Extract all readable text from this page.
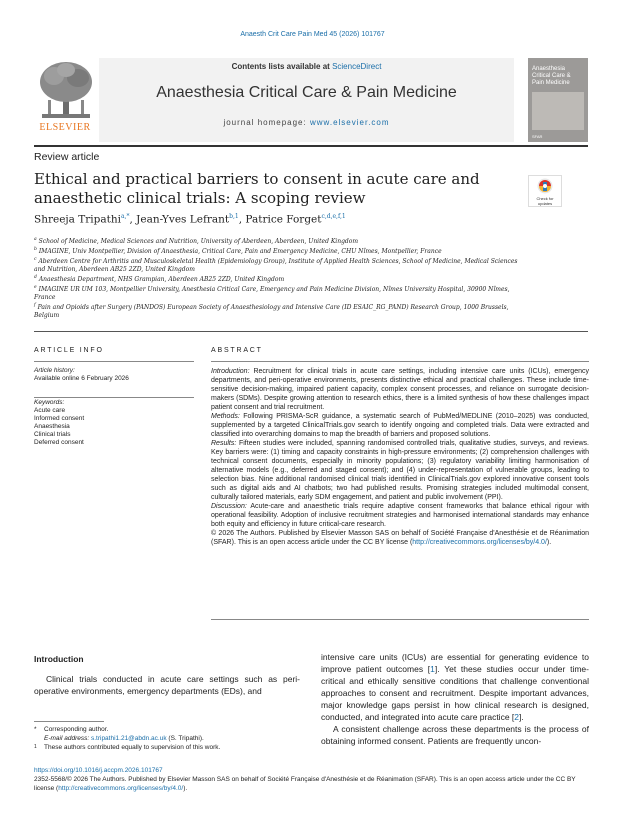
Anaesth Crit Care Pain Med 45 (2026) 101767
ELSEVIER
Contents lists available at ScienceDirect
Anaesthesia Critical Care & Pain Medicine
journal homepage: www.elsevier.com
Anaesthesia Critical Care & Pain Medicine
SFAR
Review article
Ethical and practical barriers to consent in acute care and anaesthetic clinical trials: A scoping review	Check for updates
Shreeja Tripathi$^{a,*}$, Jean-Yves Lefrant$^{b,1}$, Patrice Forget$^{c,d,e,f,1}$

$^a$ School of Medicine, Medical Sciences and Nutrition, University of Aberdeen, Aberdeen, United Kingdom

$^b$ IMAGINE, Univ Montpellier, Division of Anaesthesia, Critical Care, Pain and Emergency Medicine, CHU Nîmes, Montpellier, France

$^c$ Aberdeen Centre for Arthritis and Musculoskeletal Health (Epidemiology Group), Institute of Applied Health Sciences, School of Medicine, Medical Sciences and Nutrition, Aberdeen AB25 2ZD, United Kingdom

$^d$ Anaesthesia Department, NHS Grampian, Aberdeen AB25 2ZD, United Kingdom

$^e$ IMAGINE UR UM 103, Montpellier University, Anesthesia Critical Care, Emergency and Pain Medicine Division, Nîmes University Hospital, 30900 Nîmes, France

$^f$ Pain and Opioids after Surgery (PANDOS) European Society of Anaesthesiology and Intensive Care (ID ESAIC_RG_PAND) Research Group, 1000 Brussels, Belgium

ARTICLE INFO
Article history:
Available online 6 February 2026
Keywords:
Acute care
Informed consent
Anaesthesia
Clinical trials
Deferred consent
ABSTRACT

Introduction: Recruitment for clinical trials in acute care settings, including intensive care units (ICUs), emergency departments, and peri-operative environments, presents distinctive ethical and practical challenges. These include time-sensitive decision-making, impaired patient capacity, complex consent processes, and reliance on surrogate decision-makers (SDMs). Despite growing attention to research ethics, there is a limited synthesis of how these challenges impact patient consent and trial recruitment.

Methods: Following PRISMA-ScR guidance, a systematic search of PubMed/MEDLINE (2010–2025) was conducted, supplemented by a targeted ClinicalTrials.gov search to identify ongoing and completed trials. Data were extracted and classified into overarching domains to map the breadth of barriers and proposed solutions.

Results: Fifteen studies were included, spanning randomised controlled trials, qualitative studies, surveys, and reviews. Key barriers were: (1) timing and capacity constraints in high-pressure environments; (2) comprehension challenges with technical consent documents, especially in minority populations; (3) regulatory variability limiting harmonisation of alternative models (e.g., deferred and staged consent); and (4) under-representation of vulnerable groups, leading to selection bias. Nine additional randomised clinical trials identified in ClinicalTrials.gov explored innovative consent tools such as digital aids and AI chatbots; two had published results. Promising strategies included multimodal consent, culturally tailored materials, early SDM engagement, and patient and public involvement (PPI).

Discussion: Acute-care and anaesthetic trials require adaptive consent frameworks that balance ethical rigour with operational feasibility. Adoption of inclusive recruitment strategies and harmonised international standards may enhance both equity and efficiency in future critical-care research.

© 2026 The Authors. Published by Elsevier Masson SAS on behalf of Société Française d'Anesthésie et de Réanimation (SFAR). This is an open access article under the CC BY license (http://creativecommons.org/licenses/by/4.0/).

Introduction
Clinical trials conducted in acute care settings such as peri-operative environments, emergency departments (EDs), and

intensive care units (ICUs) are essential for generating evidence to improve patient outcomes [1]. Yet these studies occur under time-critical and ethically sensitive conditions that challenge conventional approaches to consent and recruitment. Despite important advances, major knowledge gaps persist in how clinical research is designed, conducted, and integrated into acute care practice [2].

A consistent challenge across these departments is the process of obtaining informed consent. Patients are frequently uncon-

* Corresponding author.

E-mail address: s.tripathi1.21@abdn.ac.uk (S. Tripathi).

1 These authors contributed equally to supervision of this work.

https://doi.org/10.1016/j.accpm.2026.101767

2352-5568/© 2026 The Authors. Published by Elsevier Masson SAS on behalf of Société Française d'Anesthésie et de Réanimation (SFAR). This is an open access article under the CC BY license (http://creativecommons.org/licenses/by/4.0/).
